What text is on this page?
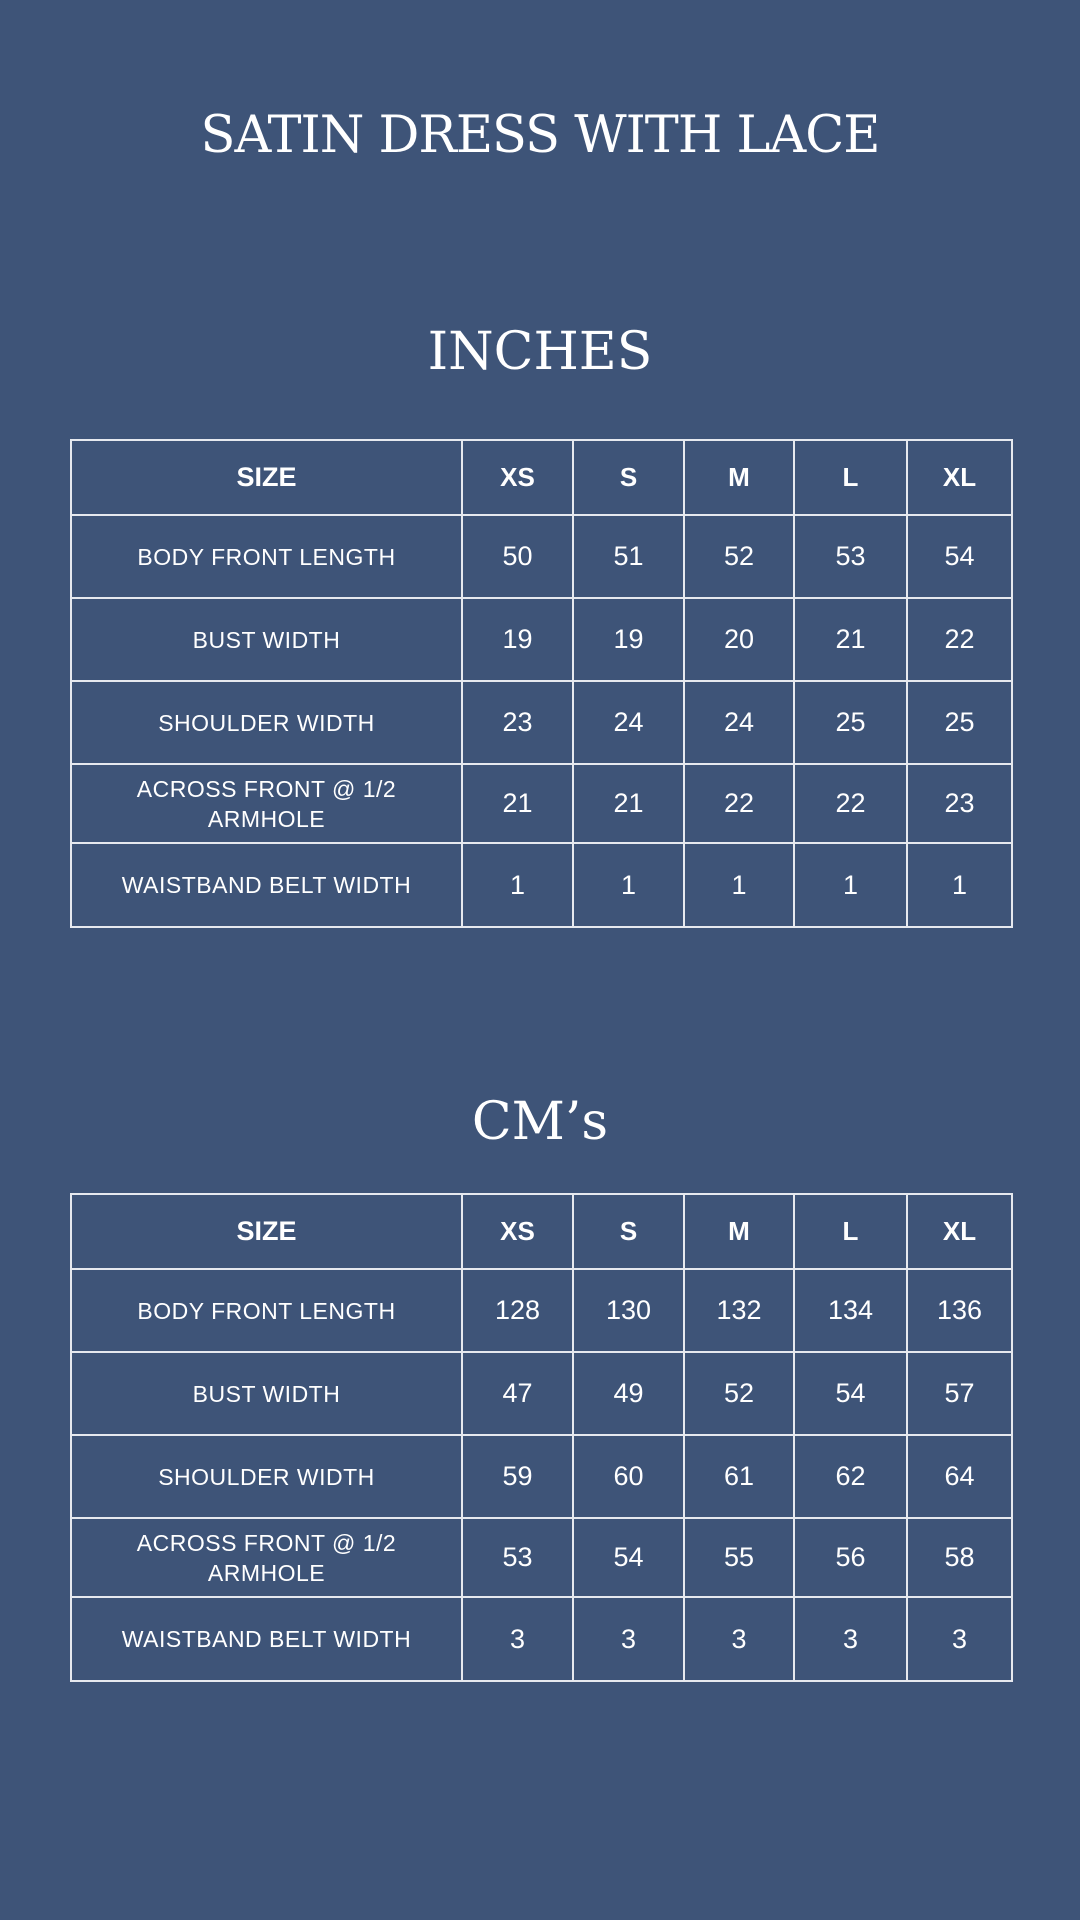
SATIN DRESS WITH LACE
INCHES
SIZE	XS	S	M	L	XL
BODY FRONT LENGTH	50	51	52	53	54
BUST WIDTH	19	19	20	21	22
SHOULDER WIDTH	23	24	24	25	25
ACROSS FRONT @ 1/2 ARMHOLE	21	21	22	22	23
WAISTBAND BELT WIDTH	1	1	1	1	1
CM’s
SIZE	XS	S	M	L	XL
BODY FRONT LENGTH	128	130	132	134	136
BUST WIDTH	47	49	52	54	57
SHOULDER WIDTH	59	60	61	62	64
ACROSS FRONT @ 1/2 ARMHOLE	53	54	55	56	58
WAISTBAND BELT WIDTH	3	3	3	3	3
